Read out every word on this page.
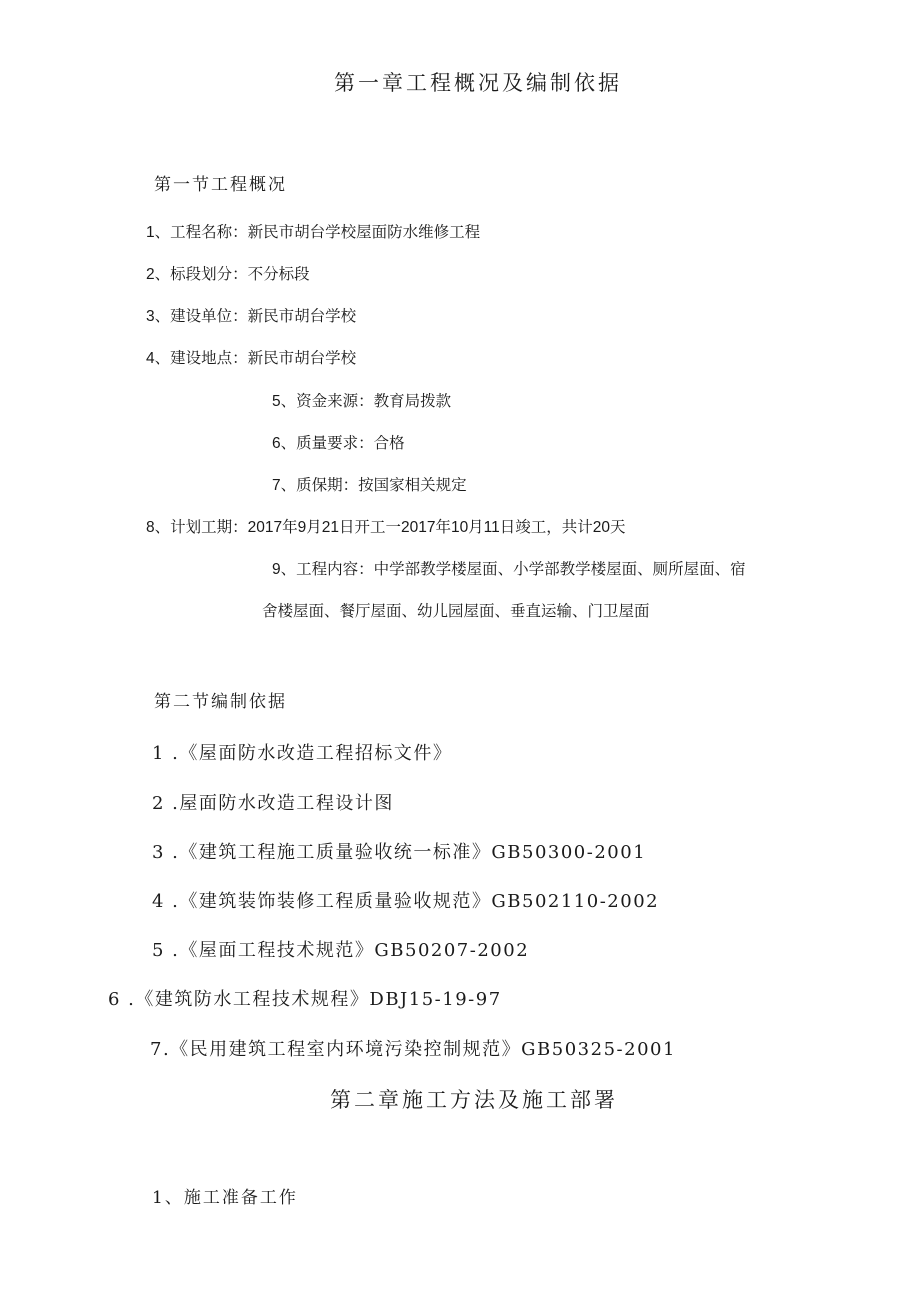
第一章工程概况及编制依据
第一节工程概况
1、工程名称：新民市胡台学校屋面防水维修工程
2、标段划分：不分标段
3、建设单位：新民市胡台学校
4、建设地点：新民市胡台学校
5、资金来源：教育局拨款
6、质量要求：合格
7、质保期：按国家相关规定
8、计划工期：2017年9月21日开工一2017年10月11日竣工，共计20天
9、工程内容：中学部教学楼屋面、小学部教学楼屋面、厕所屋面、宿
舍楼屋面、餐厅屋面、幼儿园屋面、垂直运输、门卫屋面
第二节编制依据
1 .《屋面防水改造工程招标文件》
2 .屋面防水改造工程设计图
3 .《建筑工程施工质量验收统一标准》GB50300-2001
4 .《建筑装饰装修工程质量验收规范》GB502110-2002
5 .《屋面工程技术规范》GB50207-2002
6 .《建筑防水工程技术规程》DBJ15-19-97
7.《民用建筑工程室内环境污染控制规范》GB50325-2001
第二章施工方法及施工部署
1、施工准备工作
